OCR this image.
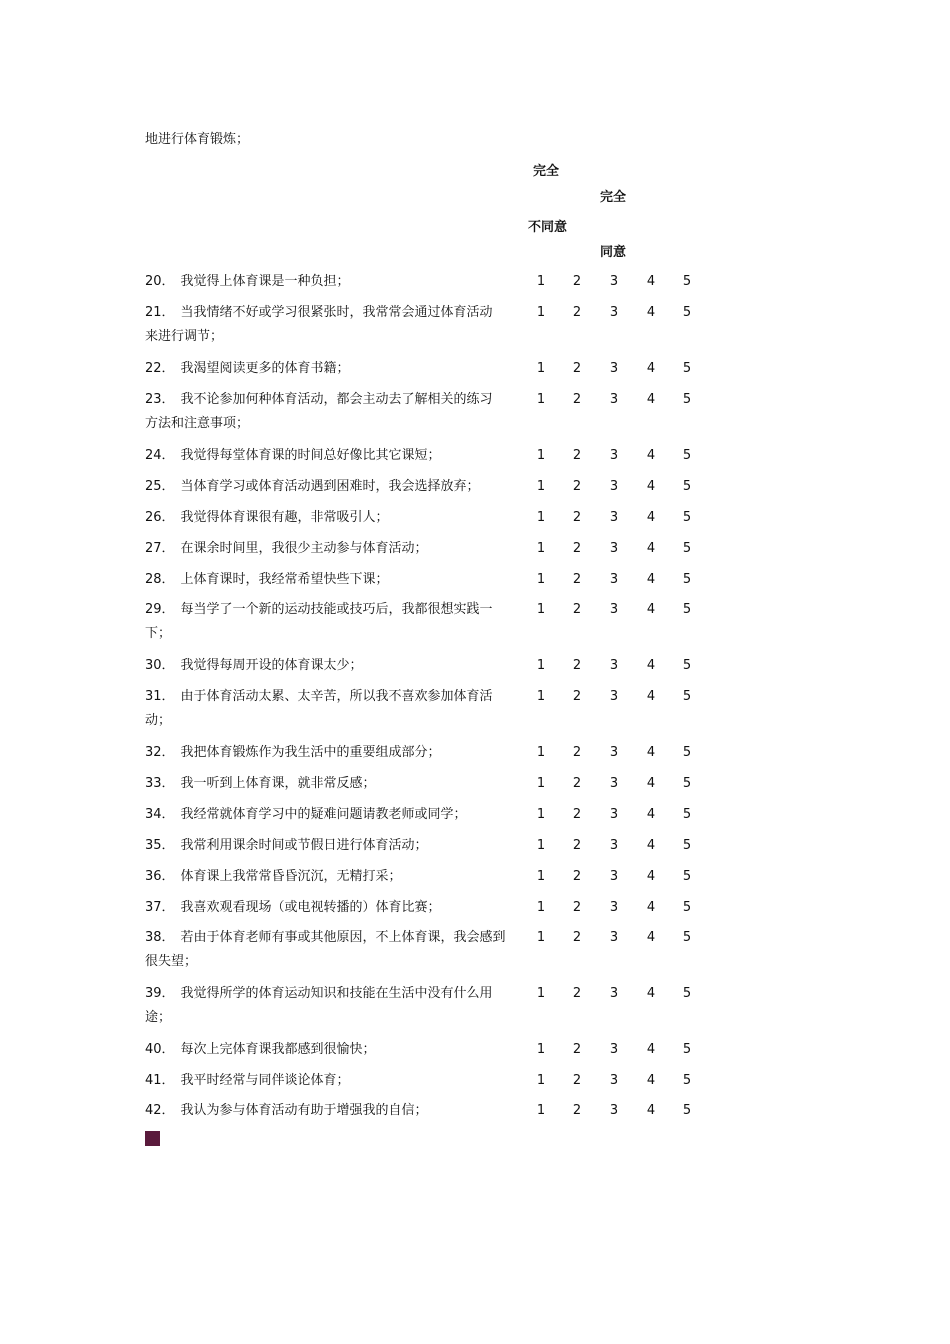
地进行体育锻炼；
完全
完全
不同意
同意
20． 我觉得上体育课是一种负担；	1	2	3	4	5
21． 当我情绪不好或学习很紧张时，我常常会通过体育活动
来进行调节；
1	2	3	4	5
22． 我渴望阅读更多的体育书籍；	1	2	3	4	5
23． 我不论参加何种体育活动，都会主动去了解相关的练习
方法和注意事项；
1	2	3	4	5
24． 我觉得每堂体育课的时间总好像比其它课短；	1	2	3	4	5
25． 当体育学习或体育活动遇到困难时，我会选择放弃；	1	2	3	4	5
26． 我觉得体育课很有趣，非常吸引人；	1	2	3	4	5
27． 在课余时间里，我很少主动参与体育活动；	1	2	3	4	5
28． 上体育课时，我经常希望快些下课；	1	2	3	4	5
29． 每当学了一个新的运动技能或技巧后，我都很想实践一
下；
1	2	3	4	5
30． 我觉得每周开设的体育课太少；	1	2	3	4	5
31． 由于体育活动太累、太辛苦，所以我不喜欢参加体育活
动；
1	2	3	4	5
32． 我把体育锻炼作为我生活中的重要组成部分；	1	2	3	4	5
33． 我一听到上体育课，就非常反感；	1	2	3	4	5
34． 我经常就体育学习中的疑难问题请教老师或同学；	1	2	3	4	5
35． 我常利用课余时间或节假日进行体育活动；	1	2	3	4	5
36． 体育课上我常常昏昏沉沉，无精打采；	1	2	3	4	5
37． 我喜欢观看现场（或电视转播的）体育比赛；	1	2	3	4	5
38． 若由于体育老师有事或其他原因，不上体育课，我会感到
很失望；
1	2	3	4	5
39． 我觉得所学的体育运动知识和技能在生活中没有什么用
途；
1	2	3	4	5
40． 每次上完体育课我都感到很愉快；	1	2	3	4	5
41． 我平时经常与同伴谈论体育；	1	2	3	4	5
42． 我认为参与体育活动有助于增强我的自信；	1	2	3	4	5
